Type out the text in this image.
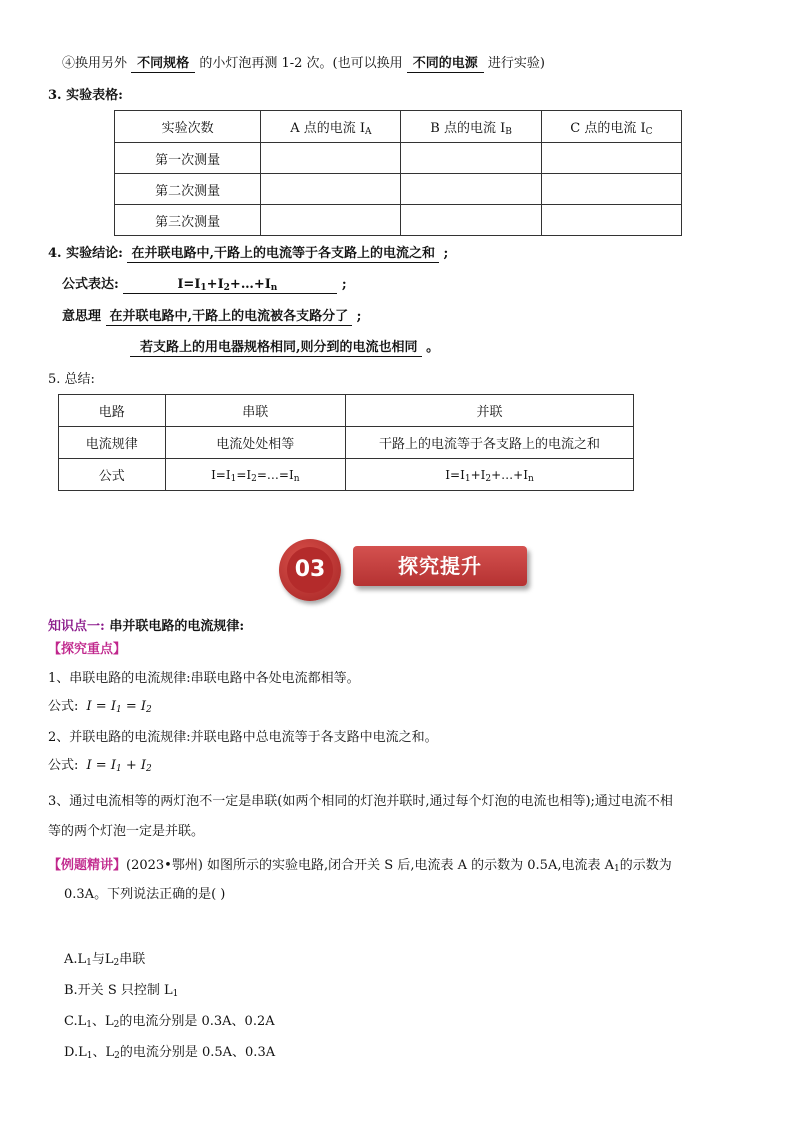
④换用另外 不同规格 的小灯泡再测 1-2 次。(也可以换用 不同的电源 进行实验)
3. 实验表格:
实验次数	A 点的电流 $I_A$	B 点的电流 $I_B$	C 点的电流 $I_C$
第一次测量			
第二次测量			
第三次测量			
4. 实验结论: 在并联电路中,干路上的电流等于各支路上的电流之和 ;
公式表达:	$I=I_1+I_2+\dots+I_n$	;
意思理 在并联电路中,干路上的电流被各支路分了 ;
若支路上的用电器规格相同,则分到的电流也相同 。
5. 总结:
电路	串联	并联
电流规律	电流处处相等	干路上的电流等于各支路上的电流之和
公式	$I=I_1=I_2=\dots=I_n$	$I=I_1+I_2+\dots+I_n$
03	探究提升
知识点一: 串并联电路的电流规律:
【探究重点】
1、串联电路的电流规律:串联电路中各处电流都相等。
公式: $I = I_1 = I_2$
2、并联电路的电流规律:并联电路中总电流等于各支路中电流之和。
公式: $I = I_1 + I_2$
3、通过电流相等的两灯泡不一定是串联(如两个相同的灯泡并联时,通过每个灯泡的电流也相等);通过电流不相
等的两个灯泡一定是并联。
【例题精讲】(2023•鄂州) 如图所示的实验电路,闭合开关 S 后,电流表 A 的示数为 0.5A,电流表 $A_1$的示数为
0.3A。下列说法正确的是( )
$A.L_1$与$L_2$串联
B.开关 S 只控制 $L_1$
$C.L_1$、$L_2$的电流分别是 0.3A、0.2A
$D.L_1$、$L_2$的电流分别是 0.5A、0.3A
